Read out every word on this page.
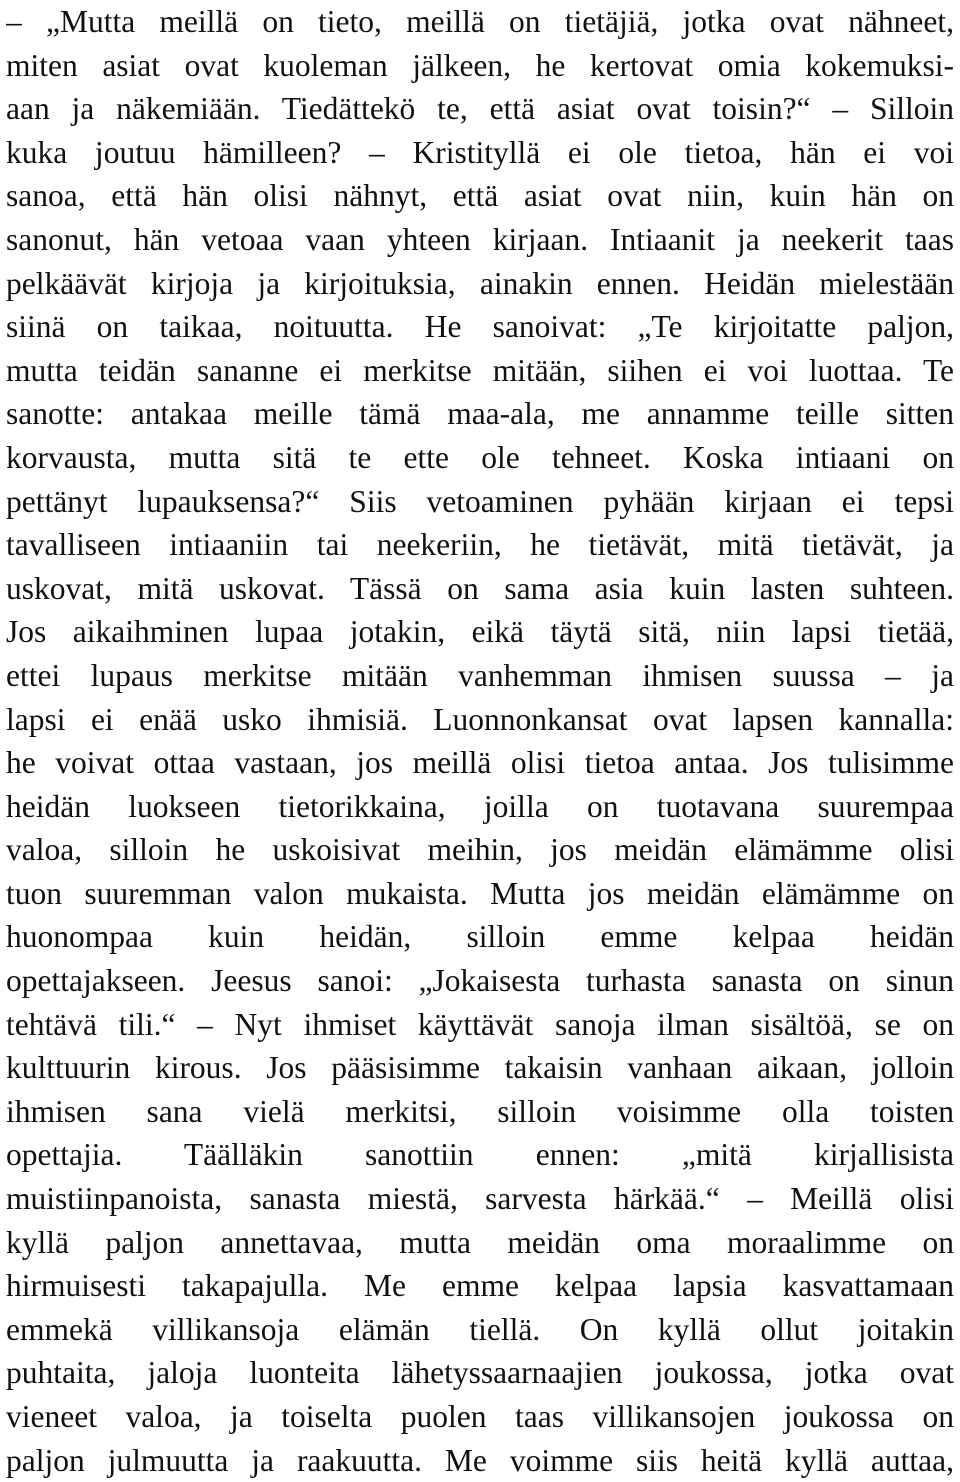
– „Mutta meillä on tieto, meillä on tietäjiä, jotka ovat nähneet,
miten asiat ovat kuoleman jälkeen, he kertovat omia kokemuksi-
aan ja näkemiään. Tiedättekö te, että asiat ovat toisin?“ – Silloin
kuka joutuu hämilleen? – Kristityllä ei ole tietoa, hän ei voi
sanoa, että hän olisi nähnyt, että asiat ovat niin, kuin hän on
sanonut, hän vetoaa vaan yhteen kirjaan. Intiaanit ja neekerit taas
pelkäävät kirjoja ja kirjoituksia, ainakin ennen. Heidän mielestään
siinä on taikaa, noituutta. He sanoivat: „Te kirjoitatte paljon,
mutta teidän sananne ei merkitse mitään, siihen ei voi luottaa. Te
sanotte: antakaa meille tämä maa-ala, me annamme teille sitten
korvausta, mutta sitä te ette ole tehneet. Koska intiaani on
pettänyt lupauksensa?“ Siis vetoaminen pyhään kirjaan ei tepsi
tavalliseen intiaaniin tai neekeriin, he tietävät, mitä tietävät, ja
uskovat, mitä uskovat. Tässä on sama asia kuin lasten suhteen.
Jos aikaihminen lupaa jotakin, eikä täytä sitä, niin lapsi tietää,
ettei lupaus merkitse mitään vanhemman ihmisen suussa – ja
lapsi ei enää usko ihmisiä. Luonnonkansat ovat lapsen kannalla:
he voivat ottaa vastaan, jos meillä olisi tietoa antaa. Jos tulisimme
heidän luokseen tietorikkaina, joilla on tuotavana suurempaa
valoa, silloin he uskoisivat meihin, jos meidän elämämme olisi
tuon suuremman valon mukaista. Mutta jos meidän elämämme on
huonompaa kuin heidän, silloin emme kelpaa heidän
opettajakseen. Jeesus sanoi: „Jokaisesta turhasta sanasta on sinun
tehtävä tili.“ – Nyt ihmiset käyttävät sanoja ilman sisältöä, se on
kulttuurin kirous. Jos pääsisimme takaisin vanhaan aikaan, jolloin
ihmisen sana vielä merkitsi, silloin voisimme olla toisten
opettajia. Täälläkin sanottiin ennen: „mitä kirjallisista
muistiinpanoista, sanasta miestä, sarvesta härkää.“ – Meillä olisi
kyllä paljon annettavaa, mutta meidän oma moraalimme on
hirmuisesti takapajulla. Me emme kelpaa lapsia kasvattamaan
emmekä villikansoja elämän tiellä. On kyllä ollut joitakin
puhtaita, jaloja luonteita lähetyssaarnaajien joukossa, jotka ovat
vieneet valoa, ja toiselta puolen taas villikansojen joukossa on
paljon julmuutta ja raakuutta. Me voimme siis heitä kyllä auttaa,
